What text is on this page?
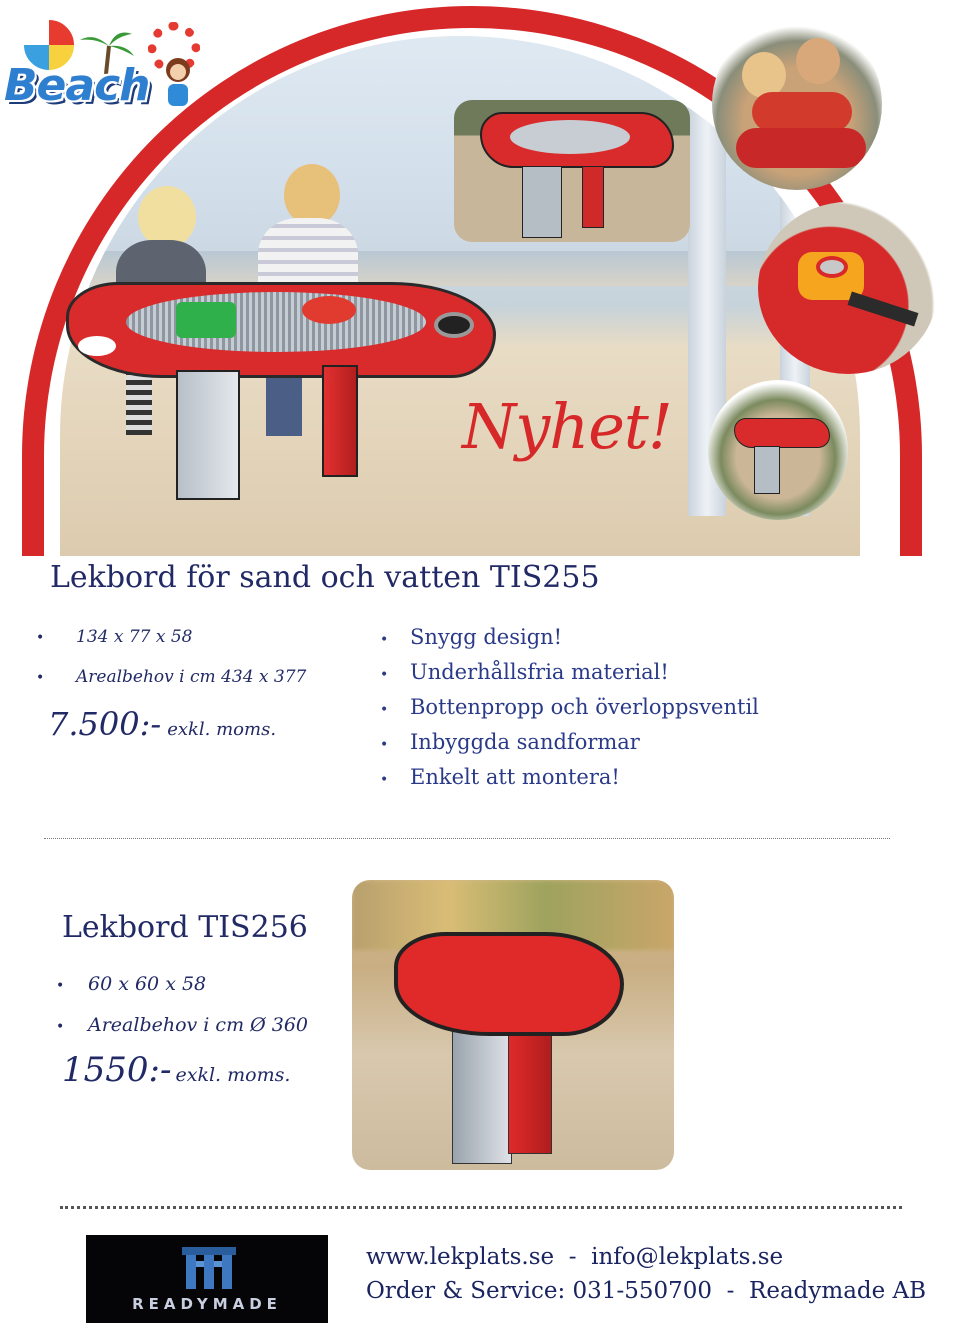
Beach
Nyhet!
Lekbord för sand och vatten TIS255
• 134 x 77 x 58
• Arealbehov i cm 434 x 377
7.500:- exkl. moms.
• Snygg design!
• Underhållsfria material!
• Bottenpropp och överloppsventil
• Inbyggda sandformar
• Enkelt att montera!
Lekbord TIS256
• 60 x 60 x 58
• Arealbehov i cm Ø 360
1550:- exkl. moms.
READYMADE
www.lekplats.se  -  info@lekplats.se
Order & Service: 031-550700  -  Readymade AB
